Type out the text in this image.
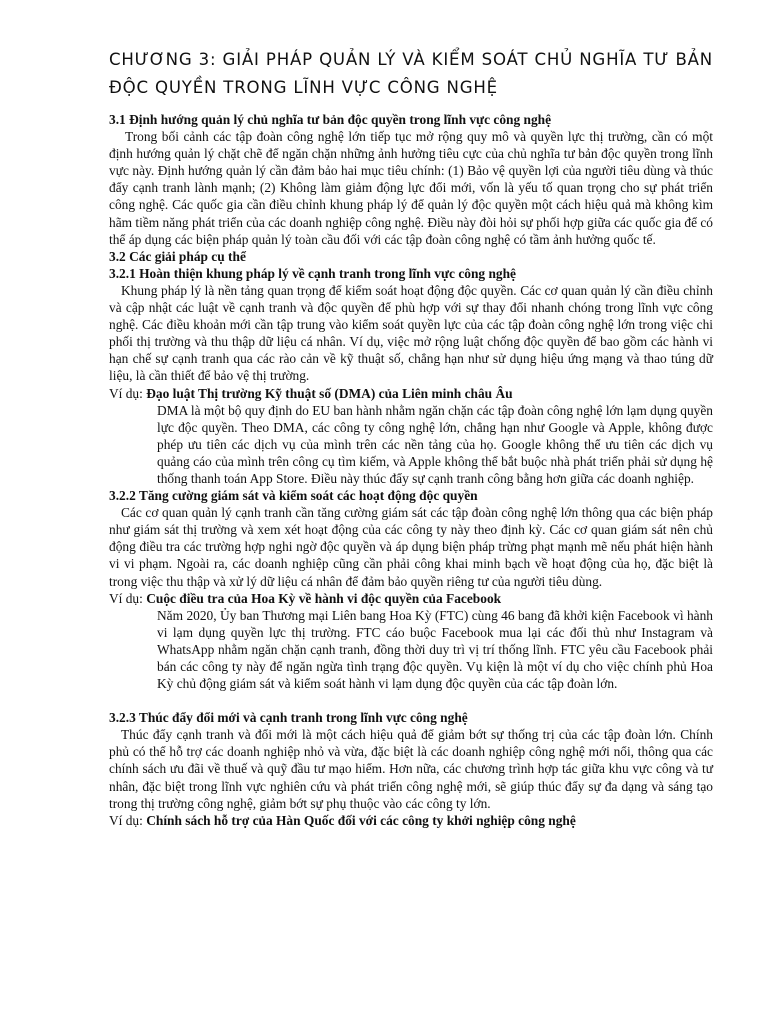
CHƯƠNG 3: GIẢI PHÁP QUẢN LÝ VÀ KIỂM SOÁT CHỦ NGHĨA TƯ BẢN ĐỘC QUYỀN TRONG LĨNH VỰC CÔNG NGHỆ
3.1 Định hướng quản lý chủ nghĩa tư bản độc quyền trong lĩnh vực công nghệ
Trong bối cảnh các tập đoàn công nghệ lớn tiếp tục mở rộng quy mô và quyền lực thị trường, cần có một định hướng quản lý chặt chẽ để ngăn chặn những ảnh hưởng tiêu cực của chủ nghĩa tư bản độc quyền trong lĩnh vực này. Định hướng quản lý cần đảm bảo hai mục tiêu chính: (1) Bảo vệ quyền lợi của người tiêu dùng và thúc đẩy cạnh tranh lành mạnh; (2) Không làm giảm động lực đổi mới, vốn là yếu tố quan trọng cho sự phát triển công nghệ. Các quốc gia cần điều chỉnh khung pháp lý để quản lý độc quyền một cách hiệu quả mà không kìm hãm tiềm năng phát triển của các doanh nghiệp công nghệ. Điều này đòi hỏi sự phối hợp giữa các quốc gia để có thể áp dụng các biện pháp quản lý toàn cầu đối với các tập đoàn công nghệ có tầm ảnh hưởng quốc tế.
3.2 Các giải pháp cụ thể
3.2.1 Hoàn thiện khung pháp lý về cạnh tranh trong lĩnh vực công nghệ
Khung pháp lý là nền tảng quan trọng để kiểm soát hoạt động độc quyền. Các cơ quan quản lý cần điều chỉnh và cập nhật các luật về cạnh tranh và độc quyền để phù hợp với sự thay đổi nhanh chóng trong lĩnh vực công nghệ. Các điều khoản mới cần tập trung vào kiểm soát quyền lực của các tập đoàn công nghệ lớn trong việc chi phối thị trường và thu thập dữ liệu cá nhân. Ví dụ, việc mở rộng luật chống độc quyền để bao gồm các hành vi hạn chế sự cạnh tranh qua các rào cản về kỹ thuật số, chẳng hạn như sử dụng hiệu ứng mạng và thao túng dữ liệu, là cần thiết để bảo vệ thị trường.
Ví dụ: Đạo luật Thị trường Kỹ thuật số (DMA) của Liên minh châu Âu
DMA là một bộ quy định do EU ban hành nhằm ngăn chặn các tập đoàn công nghệ lớn lạm dụng quyền lực độc quyền. Theo DMA, các công ty công nghệ lớn, chẳng hạn như Google và Apple, không được phép ưu tiên các dịch vụ của mình trên các nền tảng của họ. Google không thể ưu tiên các dịch vụ quảng cáo của mình trên công cụ tìm kiếm, và Apple không thể bắt buộc nhà phát triển phải sử dụng hệ thống thanh toán App Store. Điều này thúc đẩy sự cạnh tranh công bằng hơn giữa các doanh nghiệp.
3.2.2 Tăng cường giám sát và kiểm soát các hoạt động độc quyền
Các cơ quan quản lý cạnh tranh cần tăng cường giám sát các tập đoàn công nghệ lớn thông qua các biện pháp như giám sát thị trường và xem xét hoạt động của các công ty này theo định kỳ. Các cơ quan giám sát nên chủ động điều tra các trường hợp nghi ngờ độc quyền và áp dụng biện pháp trừng phạt mạnh mẽ nếu phát hiện hành vi vi phạm. Ngoài ra, các doanh nghiệp cũng cần phải công khai minh bạch về hoạt động của họ, đặc biệt là trong việc thu thập và xử lý dữ liệu cá nhân để đảm bảo quyền riêng tư của người tiêu dùng.
Ví dụ: Cuộc điều tra của Hoa Kỳ về hành vi độc quyền của Facebook
Năm 2020, Ủy ban Thương mại Liên bang Hoa Kỳ (FTC) cùng 46 bang đã khởi kiện Facebook vì hành vi lạm dụng quyền lực thị trường. FTC cáo buộc Facebook mua lại các đối thủ như Instagram và WhatsApp nhằm ngăn chặn cạnh tranh, đồng thời duy trì vị trí thống lĩnh. FTC yêu cầu Facebook phải bán các công ty này để ngăn ngừa tình trạng độc quyền. Vụ kiện là một ví dụ cho việc chính phủ Hoa Kỳ chủ động giám sát và kiểm soát hành vi lạm dụng độc quyền của các tập đoàn lớn.
3.2.3 Thúc đẩy đổi mới và cạnh tranh trong lĩnh vực công nghệ
Thúc đẩy cạnh tranh và đổi mới là một cách hiệu quả để giảm bớt sự thống trị của các tập đoàn lớn. Chính phủ có thể hỗ trợ các doanh nghiệp nhỏ và vừa, đặc biệt là các doanh nghiệp công nghệ mới nổi, thông qua các chính sách ưu đãi về thuế và quỹ đầu tư mạo hiểm. Hơn nữa, các chương trình hợp tác giữa khu vực công và tư nhân, đặc biệt trong lĩnh vực nghiên cứu và phát triển công nghệ mới, sẽ giúp thúc đẩy sự đa dạng và sáng tạo trong thị trường công nghệ, giảm bớt sự phụ thuộc vào các công ty lớn.
Ví dụ: Chính sách hỗ trợ của Hàn Quốc đối với các công ty khởi nghiệp công nghệ
